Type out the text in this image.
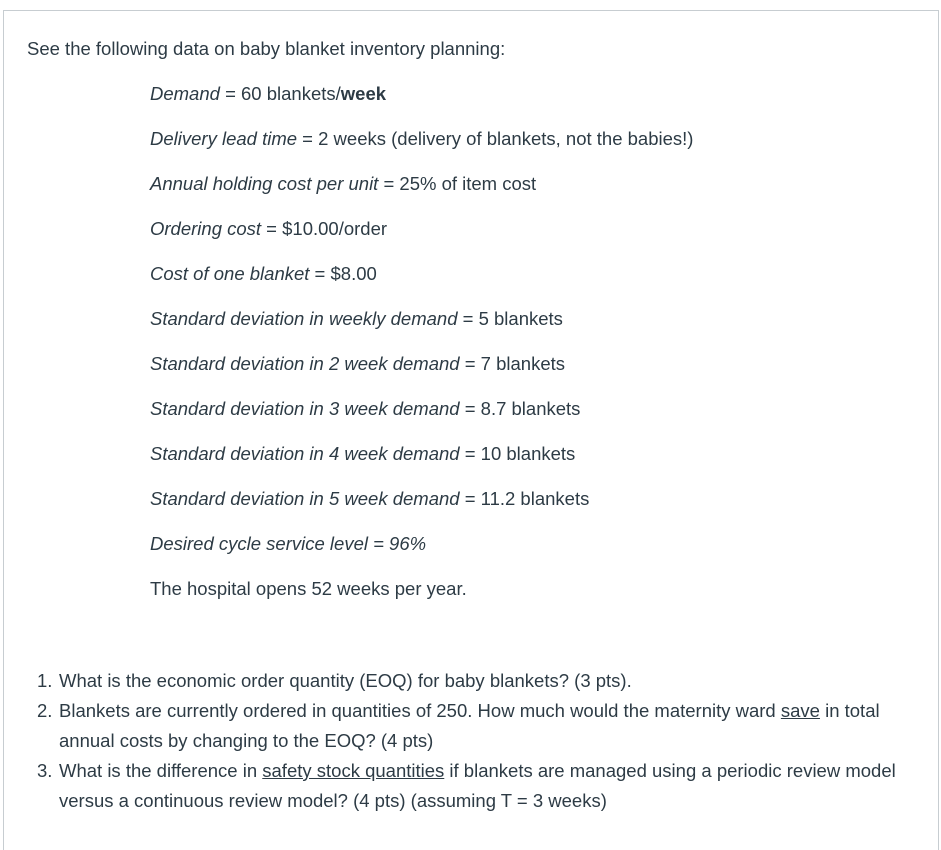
See the following data on baby blanket inventory planning:

Demand = 60 blankets/week
Delivery lead time = 2 weeks (delivery of blankets, not the babies!)
Annual holding cost per unit = 25% of item cost
Ordering cost = $10.00/order
Cost of one blanket = $8.00
Standard deviation in weekly demand = 5 blankets
Standard deviation in 2 week demand = 7 blankets
Standard deviation in 3 week demand = 8.7 blankets
Standard deviation in 4 week demand = 10 blankets
Standard deviation in 5 week demand = 11.2 blankets
Desired cycle service level = 96%
The hospital opens 52 weeks per year.
1. What is the economic order quantity (EOQ) for baby blankets? (3 pts).
2. Blankets are currently ordered in quantities of 250. How much would the maternity ward save in total annual costs by changing to the EOQ? (4 pts)
3. What is the difference in safety stock quantities if blankets are managed using a periodic review model versus a continuous review model? (4 pts) (assuming T = 3 weeks)
